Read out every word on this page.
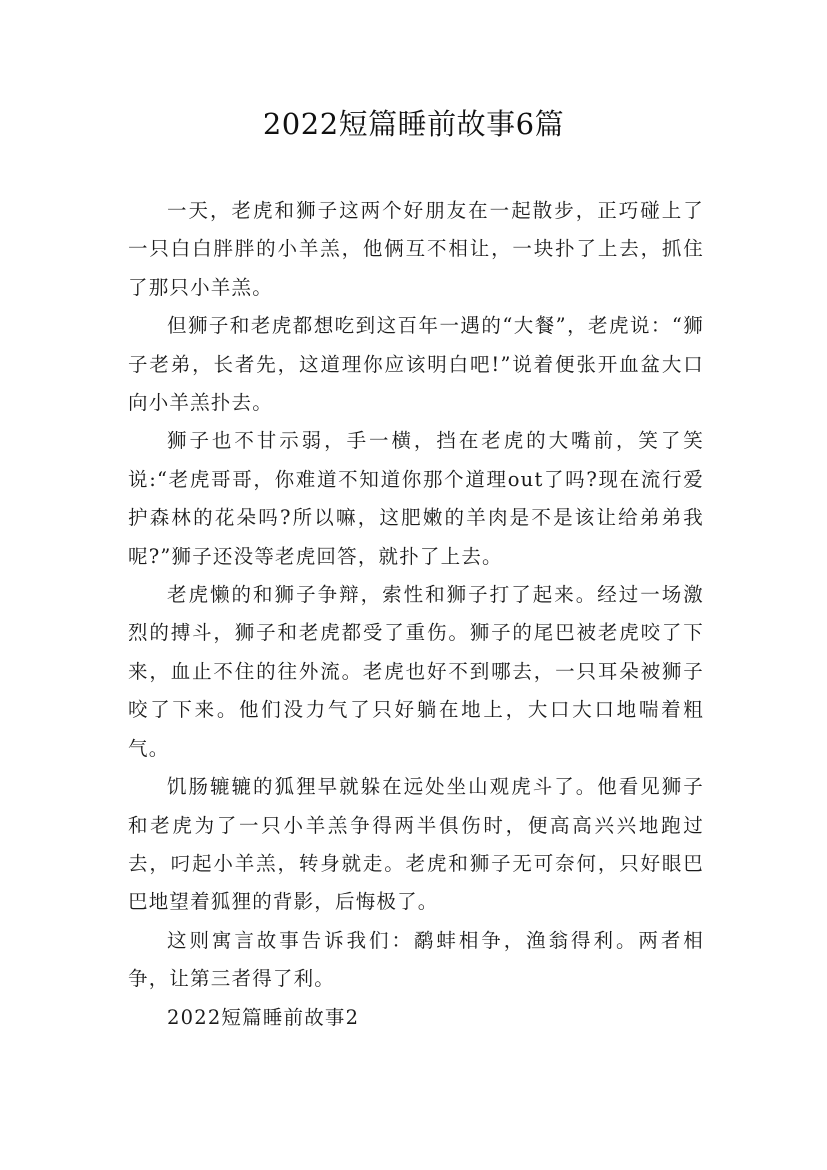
2022短篇睡前故事6篇

一天，老虎和狮子这两个好朋友在一起散步，正巧碰上了一只白白胖胖的小羊羔，他俩互不相让，一块扑了上去，抓住了那只小羊羔。

但狮子和老虎都想吃到这百年一遇的“大餐”，老虎说：“狮子老弟，长者先，这道理你应该明白吧!”说着便张开血盆大口向小羊羔扑去。

狮子也不甘示弱，手一横，挡在老虎的大嘴前，笑了笑说:“老虎哥哥，你难道不知道你那个道理out了吗?现在流行爱护森林的花朵吗?所以嘛，这肥嫩的羊肉是不是该让给弟弟我呢?”狮子还没等老虎回答，就扑了上去。

老虎懒的和狮子争辩，索性和狮子打了起来。经过一场激烈的搏斗，狮子和老虎都受了重伤。狮子的尾巴被老虎咬了下来，血止不住的往外流。老虎也好不到哪去，一只耳朵被狮子咬了下来。他们没力气了只好躺在地上，大口大口地喘着粗气。

饥肠辘辘的狐狸早就躲在远处坐山观虎斗了。他看见狮子和老虎为了一只小羊羔争得两半俱伤时，便高高兴兴地跑过去，叼起小羊羔，转身就走。老虎和狮子无可奈何，只好眼巴巴地望着狐狸的背影，后悔极了。

这则寓言故事告诉我们：鹬蚌相争，渔翁得利。两者相争，让第三者得了利。

2022短篇睡前故事2
